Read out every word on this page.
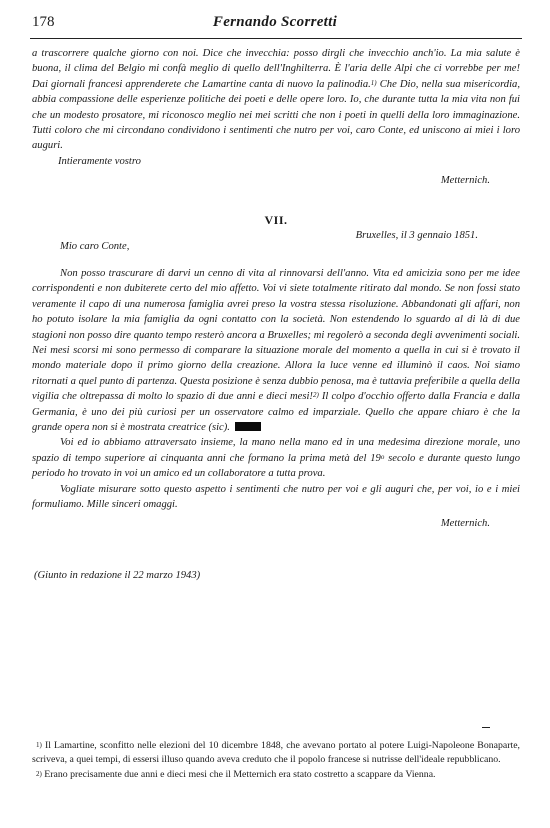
178	Fernando Scorretti

a trascorrere qualche giorno con noi. Dice che invecchia: posso dirgli che invecchio anch'io. La mia salute è buona, il clima del Belgio mi confà meglio di quello dell'Inghilterra. È l'aria delle Alpi che ci vorrebbe per me! Dai giornali francesi apprenderete che Lamartine canta di nuovo la palinodia.$^{1)}$ Che Dio, nella sua misericordia, abbia compassione delle esperienze politiche dei poeti e delle opere loro. Io, che durante tutta la mia vita non fui che un modesto prosatore, mi riconosco meglio nei mei scritti che non i poeti in quelli della loro immaginazione. Tutti coloro che mi circondano condividono i sentimenti che nutro per voi, caro Conte, ed uniscono ai miei i loro auguri.

Intieramente vostro

Metternich.

VII.

Bruxelles, il 3 gennaio 1851.

Mio caro Conte,

Non posso trascurare di darvi un cenno di vita al rinnovarsi dell'anno. Vita ed amicizia sono per me idee corrispondenti e non dubiterete certo del mio affetto. Voi vi siete totalmente ritirato dal mondo. Se non fossi stato veramente il capo di una numerosa famiglia avrei preso la vostra stessa risoluzione. Abbandonati gli affari, non ho potuto isolare la mia famiglia da ogni contatto con la società. Non estendendo lo sguardo al di là di due stagioni non posso dire quanto tempo resterò ancora a Bruxelles; mi regolerò a seconda degli avvenimenti sociali. Nei mesi scorsi mi sono permesso di comparare la situazione morale del momento a quella in cui si è trovato il mondo materiale dopo il primo giorno della creazione. Allora la luce venne ed illuminò il caos. Noi siamo ritornati a quel punto di partenza. Questa posizione è senza dubbio penosa, ma è tuttavia preferibile a quella della vigilia che oltrepassa di molto lo spazio di due anni e dieci mesi!$^{2)}$ Il colpo d'occhio offerto dalla Francia e dalla Germania, è uno dei più curiosi per un osservatore calmo ed imparziale. Quello che appare chiaro è che la grande opera non si è mostrata creatrice (sic).

Voi ed io abbiamo attraversato insieme, la mano nella mano ed in una medesima direzione morale, uno spazio di tempo superiore ai cinquanta anni che formano la prima metà del 19$^o$ secolo e durante questo lungo periodo ho trovato in voi un amico ed un collaboratore a tutta prova.

Vogliate misurare sotto questo aspetto i sentimenti che nutro per voi e gli auguri che, per voi, io e i miei formuliamo. Mille sinceri omaggi.

Metternich.

(Giunto in redazione il 22 marzo 1943)

$^{1)}$ Il Lamartine, sconfitto nelle elezioni del 10 dicembre 1848, che avevano portato al potere Luigi-Napoleone Bonaparte, scriveva, a quei tempi, di essersi illuso quando aveva creduto che il popolo francese si nutrisse dell'ideale repubblicano.

$^{2)}$ Erano precisamente due anni e dieci mesi che il Metternich era stato costretto a scappare da Vienna.
